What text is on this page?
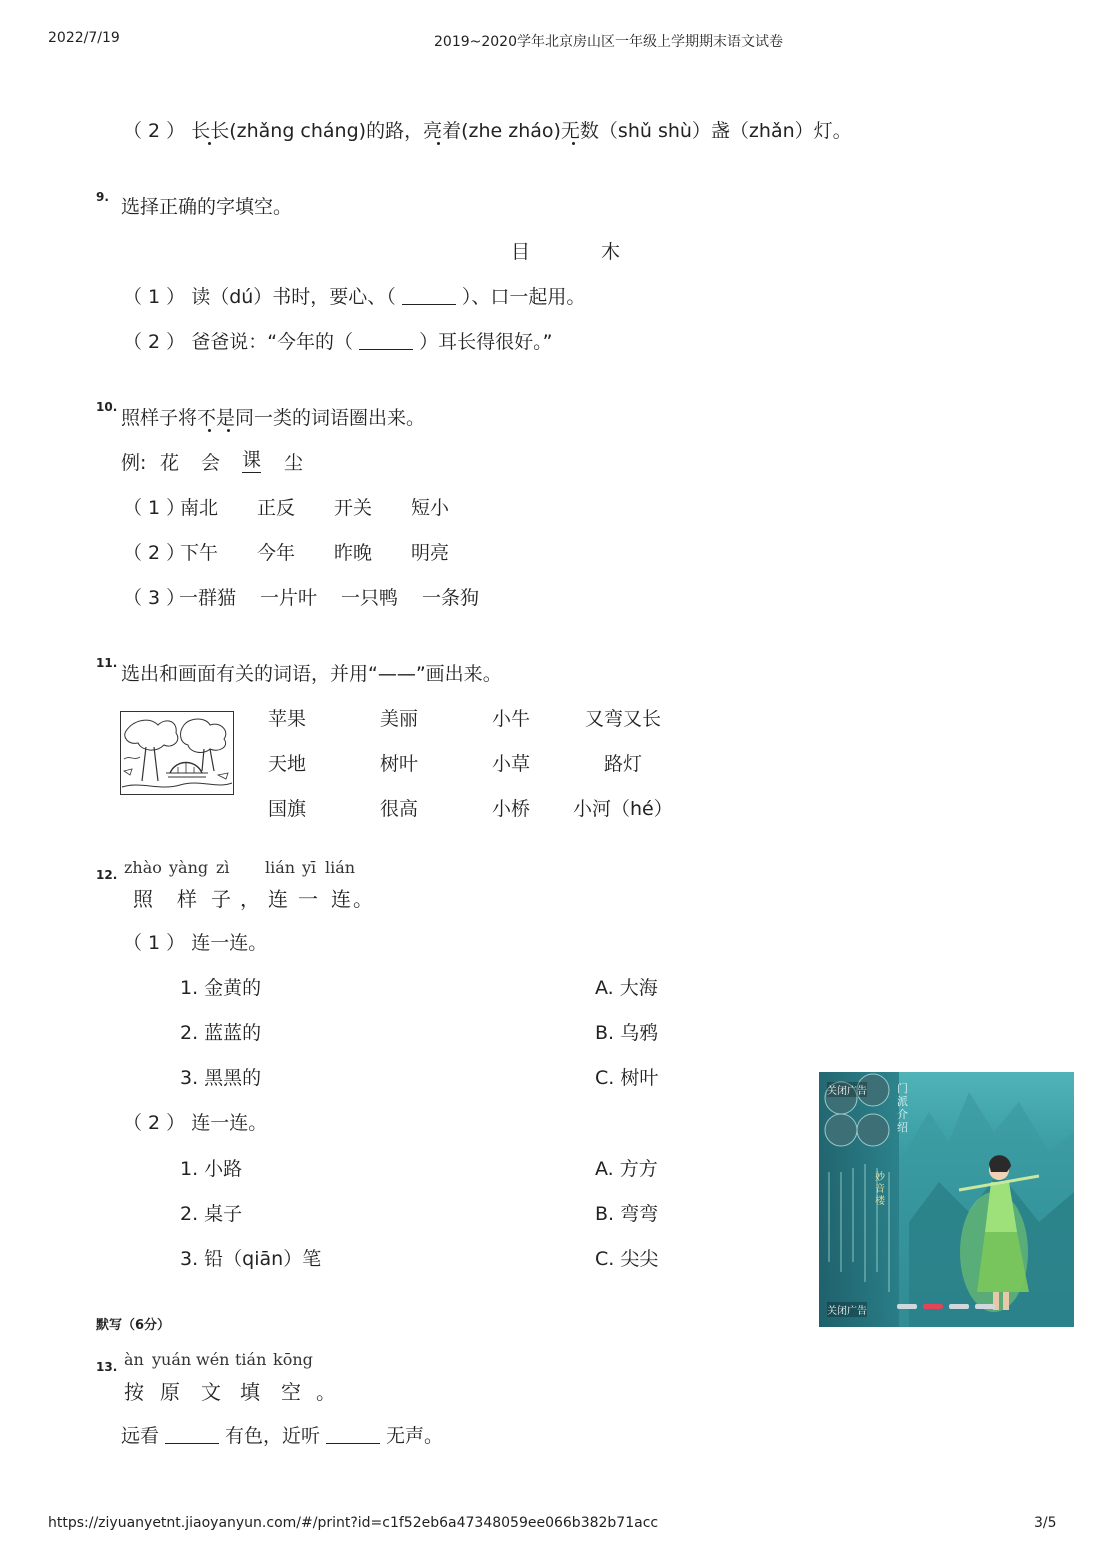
2022/7/19	2019~2020学年北京房山区一年级上学期期末语文试卷
（ 2 ） 长长(zhǎng cháng)的路，亮着(zhe zháo)无数（shǔ shù）盏（zhǎn）灯。
9. 选择正确的字填空。
目	木
（ 1 ） 读（dú）书时，要心、（	）、口一起用。
（ 2 ） 爸爸说：“今年的（	）耳长得很好。”
10. 照样子将不是同一类的词语圈出来。
例: 花 会 课 尘
（ 1 ）
南北 正反 开关 短小
（ 2 ）
下午 今年 昨晚 明亮
（ 3 ）
一群猫 一片叶 一只鸭 一条狗
11. 选出和画面有关的词语，并用“——”画出来。
苹果	美丽	小牛	又弯又长
天地	树叶	小草	路灯
国旗	很高	小桥 小河（hé）
12. zhào yàng zì lián yī lián
照 样 子 ， 连 一 连 。
（ 1 ） 连一连。
1. 金黄的
2. 蓝蓝的
3. 黑黑的
A. 大海
B. 乌鸦
C. 树叶
（ 2 ） 连一连。
1. 小路
2. 桌子
3. 铅（qiān）笔
A. 方方
B. 弯弯
C. 尖尖
默写（6分）
13. àn yuán wén tián kōng
按 原 文 填 空 。
远看	有色，近听	无声。
关闭广告
关闭广告
门派介绍
妙音楼
https://ziyuanyetnt.jiaoyanyun.com/#/print?id=c1f52eb6a47348059ee066b382b71acc	3/5
